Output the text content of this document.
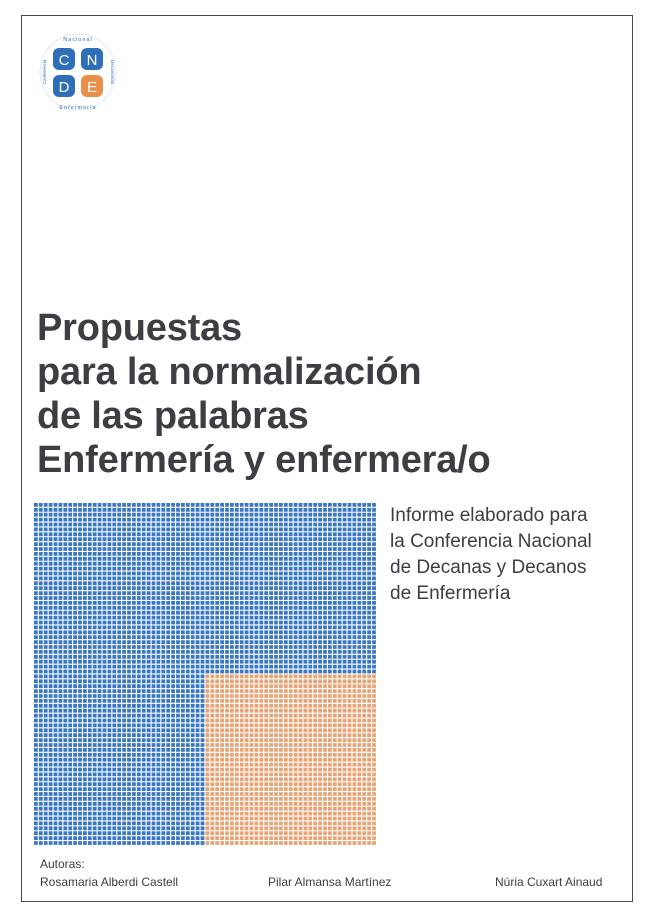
C N
D E
Nacional
Enfermería
Conferencia	Decanos/as
Propuestas
para la normalización
de las palabras
Enfermería y enfermera/o

Informe elaborado para
la Conferencia Nacional
de Decanas y Decanos
de Enfermería

Autoras:
Rosamaria Alberdi Castell	Pilar Almansa Martínez	Núria Cuxart Ainaud
